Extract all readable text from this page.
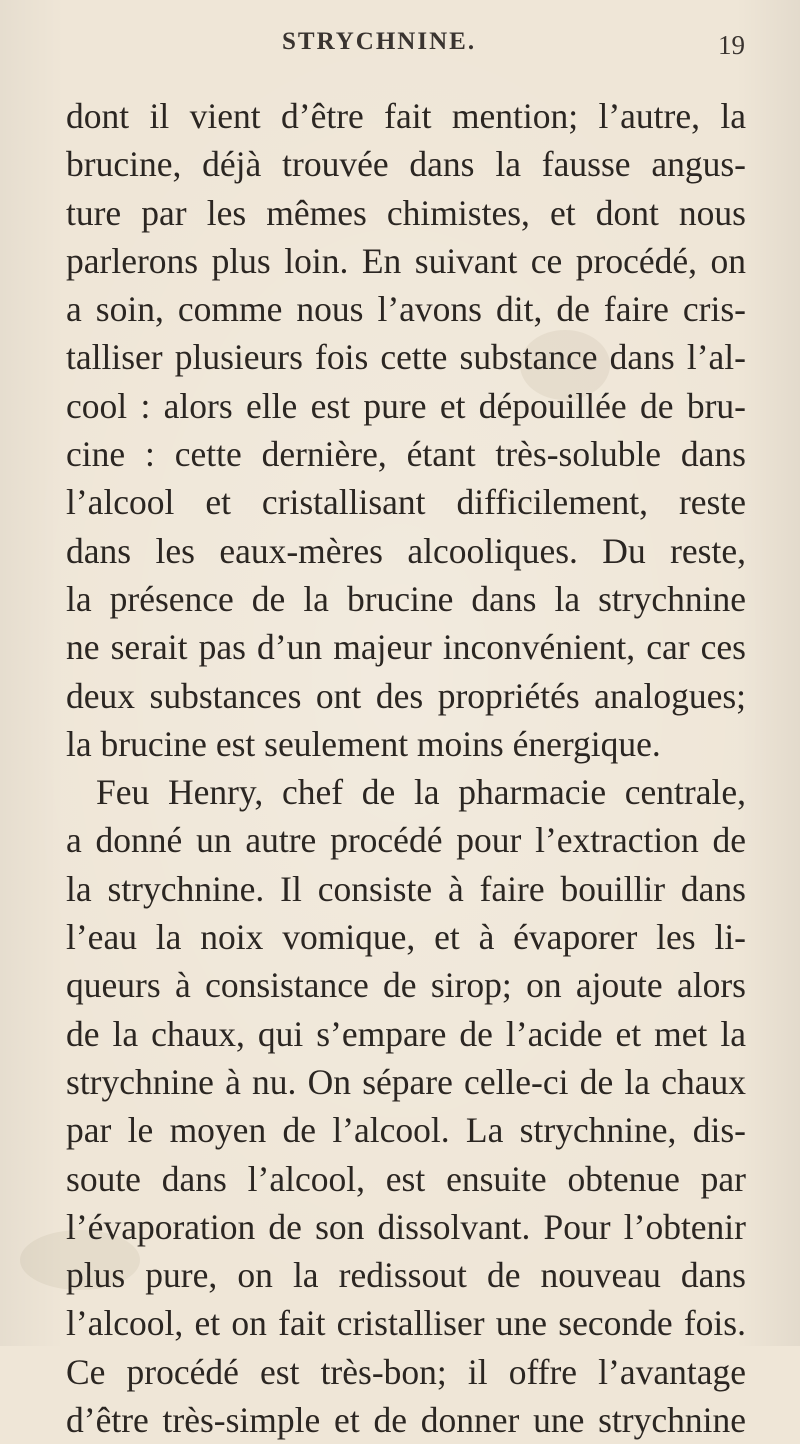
STRYCHNINE.	19
dont il vient d’être fait mention; l’autre, la
brucine, déjà trouvée dans la fausse angus-
ture par les mêmes chimistes, et dont nous
parlerons plus loin. En suivant ce procédé, on
a soin, comme nous l’avons dit, de faire cris-
talliser plusieurs fois cette substance dans l’al-
cool : alors elle est pure et dépouillée de bru-
cine : cette dernière, étant très-soluble dans
l’alcool et cristallisant difficilement, reste
dans les eaux-mères alcooliques. Du reste,
la présence de la brucine dans la strychnine
ne serait pas d’un majeur inconvénient, car ces
deux substances ont des propriétés analogues;
la brucine est seulement moins énergique.
Feu Henry, chef de la pharmacie centrale,
a donné un autre procédé pour l’extraction de
la strychnine. Il consiste à faire bouillir dans
l’eau la noix vomique, et à évaporer les li-
queurs à consistance de sirop; on ajoute alors
de la chaux, qui s’empare de l’acide et met la
strychnine à nu. On sépare celle-ci de la chaux
par le moyen de l’alcool. La strychnine, dis-
soute dans l’alcool, est ensuite obtenue par
l’évaporation de son dissolvant. Pour l’obtenir
plus pure, on la redissout de nouveau dans
l’alcool, et on fait cristalliser une seconde fois.
Ce procédé est très-bon; il offre l’avantage
d’être très-simple et de donner une strychnine
